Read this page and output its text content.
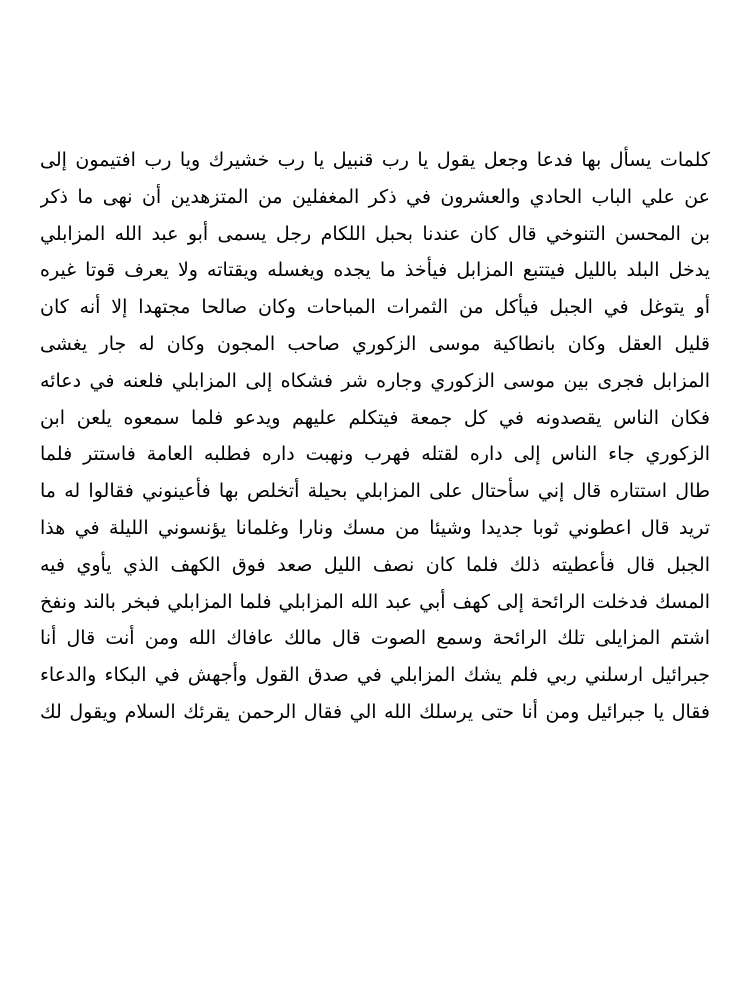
كلمات يسأل بها فدعا وجعل يقول يا رب قنبيل يا رب خشيرك ويا رب افتيمون إلى
عن علي الباب الحادي والعشرون في ذكر المغفلين من المتزهدين أن نهى ما ذكر
بن المحسن التنوخي قال كان عندنا بحبل اللكام رجل يسمى أبو عبد الله المزابلي
يدخل البلد بالليل فيتتبع المزابل فيأخذ ما يجده ويغسله ويقتاته ولا يعرف قوتا غيره
أو يتوغل في الجبل فيأكل من الثمرات المباحات وكان صالحا مجتهدا إلا أنه كان
قليل العقل وكان بانطاكية موسى الزكوري صاحب المجون وكان له جار يغشى
المزابل فجرى بين موسى الزكوري وجاره شر فشكاه إلى المزابلي فلعنه في دعائه
فكان الناس يقصدونه في كل جمعة فيتكلم عليهم ويدعو فلما سمعوه يلعن ابن
الزكوري جاء الناس إلى داره لقتله فهرب ونهبت داره فطلبه العامة فاستتر فلما
طال استتاره قال إني سأحتال على المزابلي بحيلة أتخلص بها فأعينوني فقالوا له ما
تريد قال اعطوني ثوبا جديدا وشيئا من مسك ونارا وغلمانا يؤنسوني الليلة في هذا
الجبل قال فأعطيته ذلك فلما كان نصف الليل صعد فوق الكهف الذي يأوي فيه
المسك فدخلت الرائحة إلى كهف أبي عبد الله المزابلي فلما المزابلي فبخر بالند ونفخ
اشتم المزايلى تلك الرائحة وسمع الصوت قال مالك عافاك الله ومن أنت قال أنا
جبرائيل ارسلني ربي فلم يشك المزابلي في صدق القول وأجهش في البكاء والدعاء
فقال يا جبرائيل ومن أنا حتى يرسلك الله الي فقال الرحمن يقرئك السلام ويقول لك
